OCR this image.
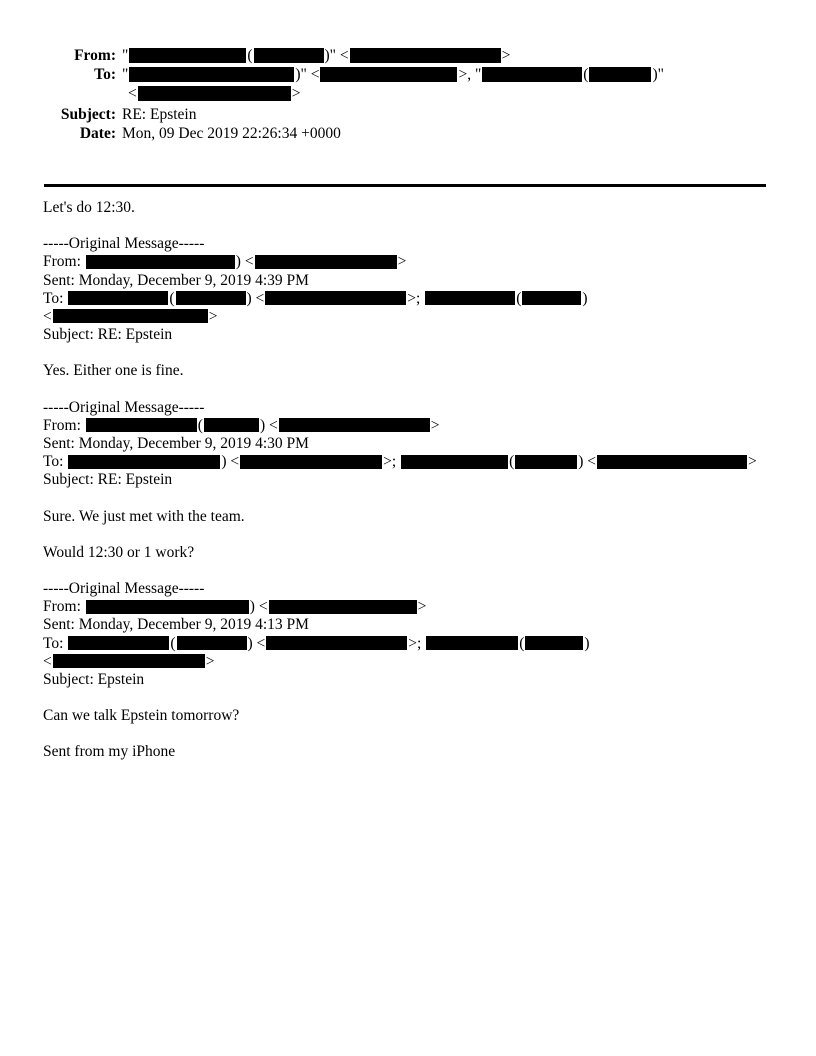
From: "	(	)" <	>
To: "	)" <	>, "	(	)"
<	>
Subject: RE: Epstein
Date: Mon, 09 Dec 2019 22:26:34 +0000
Let's do 12:30.
-----Original Message-----
From:	) <	>
Sent: Monday, December 9, 2019 4:39 PM
To:	(	) <	>;	(	)
<	>
Subject: RE: Epstein
Yes. Either one is fine.
-----Original Message-----
From:	(	) <	>
Sent: Monday, December 9, 2019 4:30 PM
To:	) <	>;	(	) <	>
Subject: RE: Epstein
Sure. We just met with the team.
Would 12:30 or 1 work?
-----Original Message-----
From:	) <	>
Sent: Monday, December 9, 2019 4:13 PM
To:	(	) <	>;	(	)
<	>
Subject: Epstein
Can we talk Epstein tomorrow?
Sent from my iPhone
